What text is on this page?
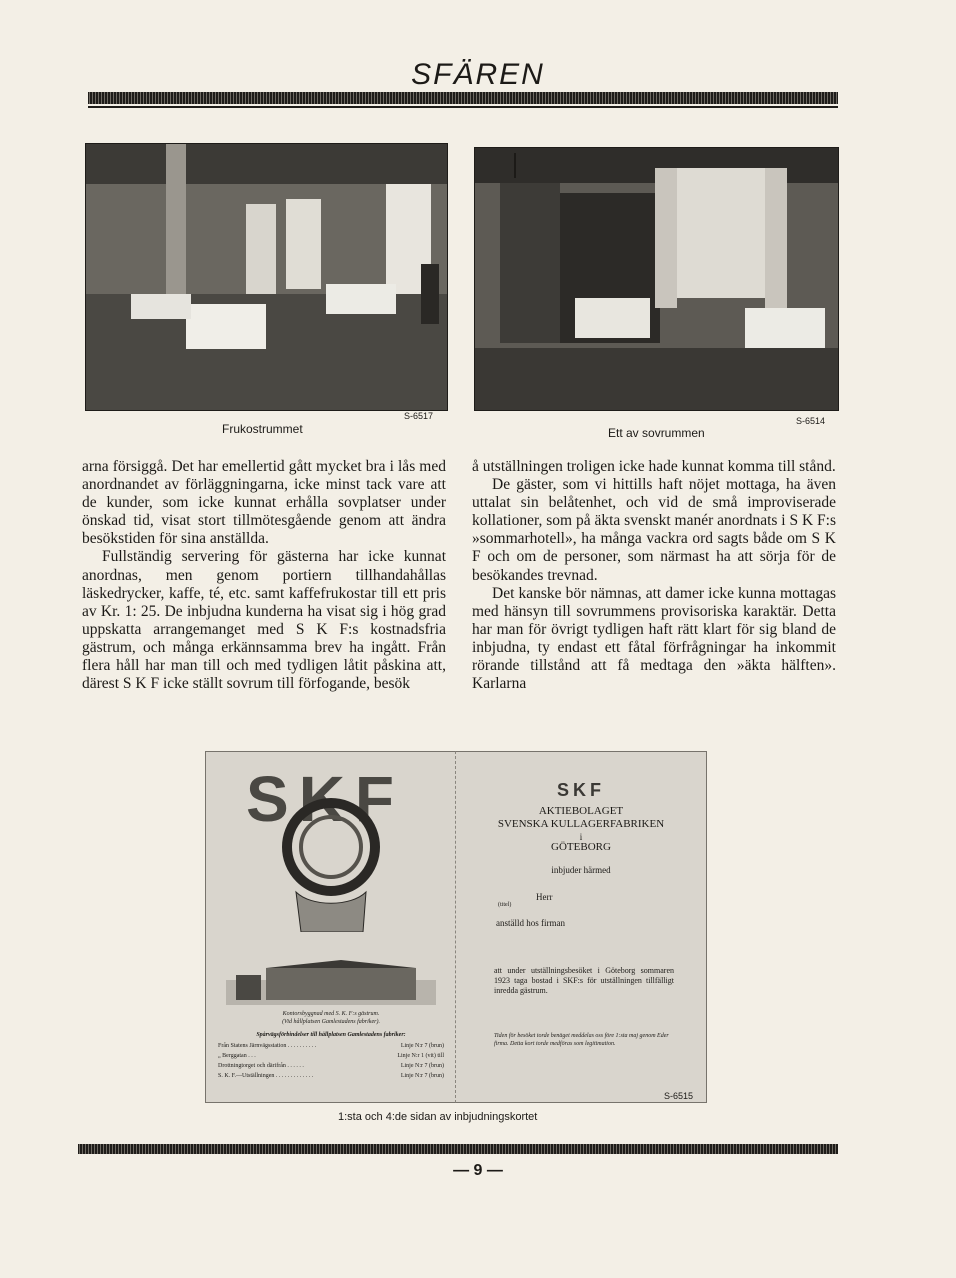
SFÄREN
Frukostrummet
S-6517
Ett av sovrummen
S-6514

arna försiggå. Det har emellertid gått mycket bra i lås med anordnandet av förläggningarna, icke minst tack vare att de kunder, som icke kunnat erhålla sovplatser under önskad tid, visat stort tillmötesgående genom att ändra besökstiden för sina anställda.

Fullständig servering för gästerna har icke kunnat anordnas, men genom portiern tillhandahållas läskedrycker, kaffe, té, etc. samt kaffefrukostar till ett pris av Kr. 1: 25. De inbjudna kunderna ha visat sig i hög grad uppskatta arrangemanget med S K F:s kostnadsfria gästrum, och många erkännsamma brev ha ingått. Från flera håll har man till och med tydligen låtit påskina att, därest S K F icke ställt sovrum till förfogande, besök

å utställningen troligen icke hade kunnat komma till stånd.

De gäster, som vi hittills haft nöjet mottaga, ha även uttalat sin belåtenhet, och vid de små improviserade kollationer, som på äkta svenskt manér anordnats i S K F:s »sommarhotell», ha många vackra ord sagts både om S K F och om de personer, som närmast ha att sörja för de besökandes trevnad.

Det kanske bör nämnas, att damer icke kunna mottagas med hänsyn till sovrummens provisoriska karaktär. Detta har man för övrigt tydligen haft rätt klart för sig bland de inbjudna, ty endast ett fåtal förfrågningar ha inkommit rörande tillstånd att få medtaga den »äkta hälften». Karlarna

SKF
Kontorsbyggnad med S. K. F:s gästrum.
(Vid hållplatsen Gamlestadens fabriker).
Spårvägsförbindelser till hållplatsen Gamlestadens fabriker:
Från Statens Järnvägsstation . . . . . . . . . .	Linje N:r 7 (brun)
„ Berggatan . . .	Linje N:r 1 (vit) till
Drottningtorget och därifrån . . . . . .	Linje N:r 7 (brun)
S. K. F.—Utställningen . . . . . . . . . . . . .	Linje N:r 7 (brun)
SKF
AKTIEBOLAGET
SVENSKA KULLAGERFABRIKEN
i
GÖTEBORG
inbjuder härmed
(titel)
Herr
anställd hos firman
att under utställningsbesöket i Göteborg sommaren 1923 taga bostad i SKF:s för utställningen tillfälligt inredda gästrum.
Tiden för besöket torde benäget meddelas oss före 1:sta maj genom Eder firma. Detta kort torde medföras som legitimation.
1:sta och 4:de sidan av inbjudningskortet
S-6515
— 9 —
